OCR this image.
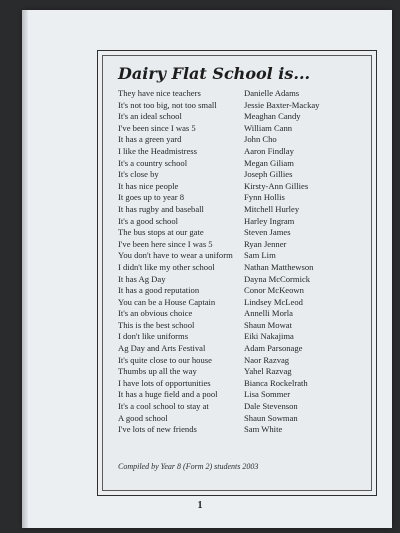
Dairy Flat School is...
They have nice teachers	Danielle Adams
It's not too big, not too small	Jessie Baxter-Mackay
It's an ideal school	Meaghan Candy
I've been since I was 5	William Cann
It has a green yard	John Cho
I like the Headmistress	Aaron Findlay
It's a country school	Megan Giliam
It's close by	Joseph Gillies
It has nice people	Kirsty-Ann Gillies
It goes up to year 8	Fynn Hollis
It has rugby and baseball	Mitchell Hurley
It's a good school	Harley Ingram
The bus stops at our gate	Steven James
I've been here since I was 5	Ryan Jenner
You don't have to wear a uniform	Sam Lim
I didn't like my other school	Nathan Matthewson
It has Ag Day	Dayna McCormick
It has a good reputation	Conor McKeown
You can be a House Captain	Lindsey McLeod
It's an obvious choice	Annelli Morla
This is the best school	Shaun Mowat
I don't like uniforms	Eiki Nakajima
Ag Day and Arts Festival	Adam Parsonage
It's quite close to our house	Naor Razvag
Thumbs up all the way	Yahel Razvag
I have lots of opportunities	Bianca Rockelrath
It has a huge field and a pool	Lisa Sommer
It's a cool school to stay at	Dale Stevenson
A good school	Shaun Sowman
I've lots of new friends	Sam White
Compiled by Year 8 (Form 2) students 2003
1
